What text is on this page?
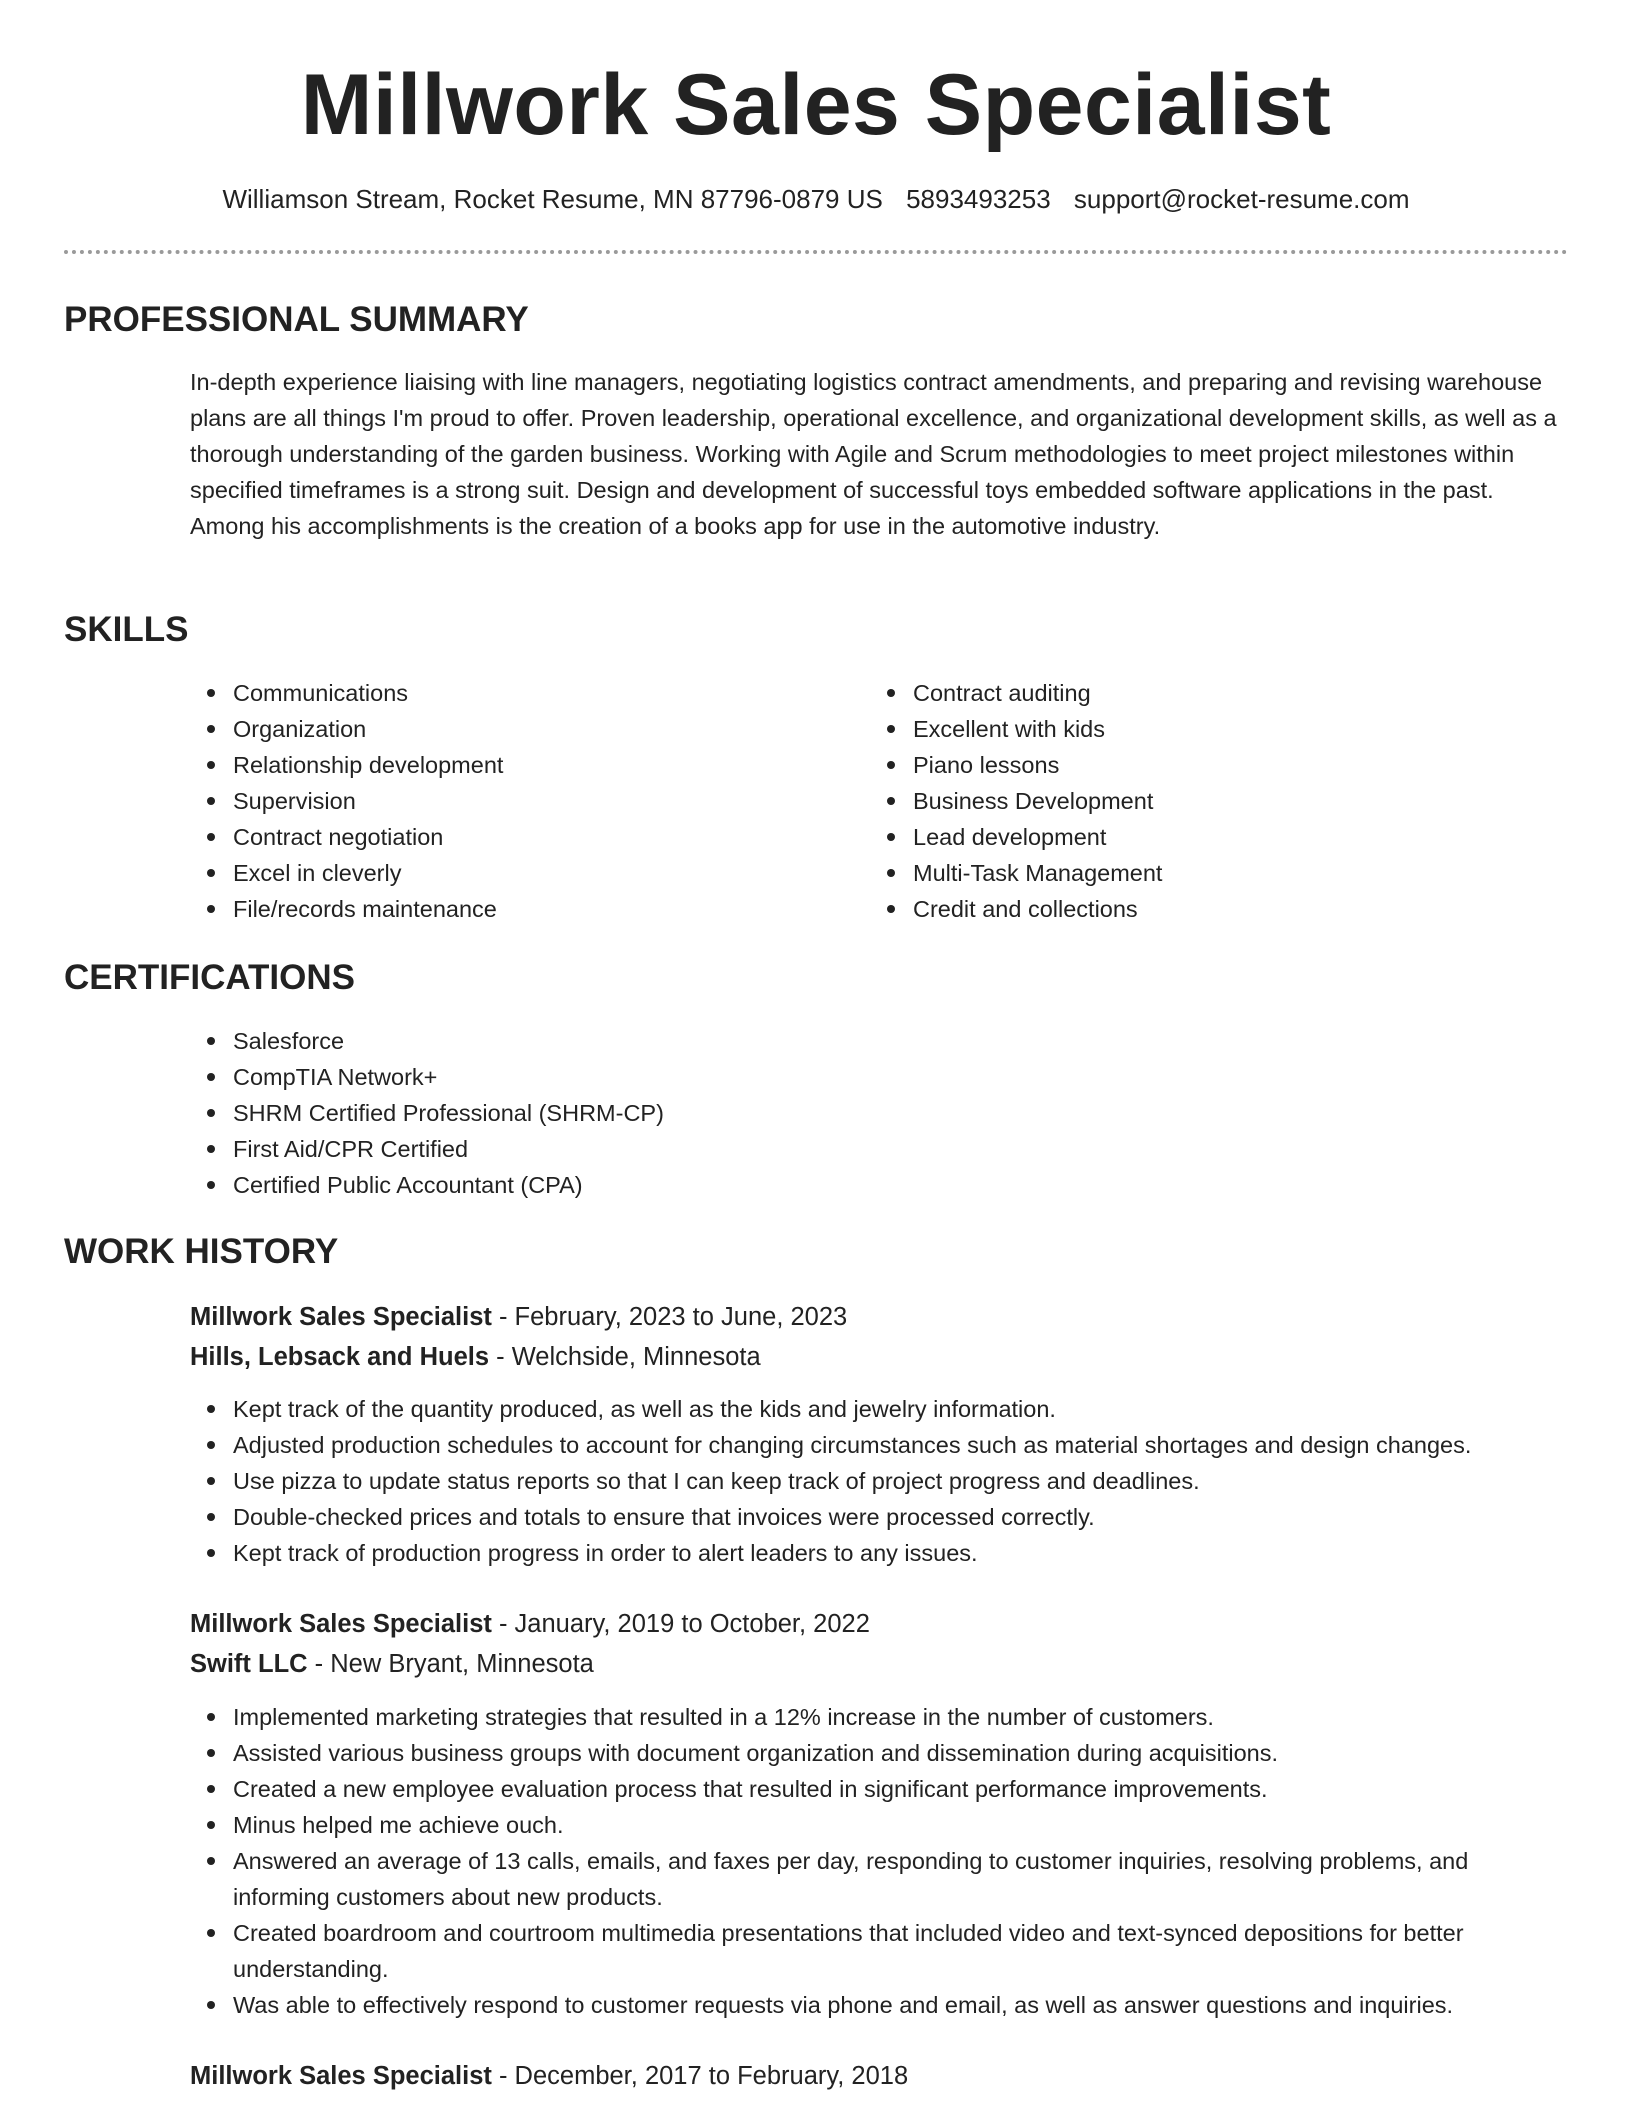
Millwork Sales Specialist
Williamson Stream, Rocket Resume, MN 87796-0879 US 5893493253 support@rocket-resume.com
PROFESSIONAL SUMMARY

In-depth experience liaising with line managers, negotiating logistics contract amendments, and preparing and revising warehouse plans are all things I'm proud to offer. Proven leadership, operational excellence, and organizational development skills, as well as a thorough understanding of the garden business. Working with Agile and Scrum methodologies to meet project milestones within specified timeframes is a strong suit. Design and development of successful toys embedded software applications in the past. Among his accomplishments is the creation of a books app for use in the automotive industry.

SKILLS
Communications
Organization
Relationship development
Supervision
Contract negotiation
Excel in cleverly
File/records maintenance
Contract auditing
Excellent with kids
Piano lessons
Business Development
Lead development
Multi-Task Management
Credit and collections
CERTIFICATIONS
Salesforce
CompTIA Network+
SHRM Certified Professional (SHRM-CP)
First Aid/CPR Certified
Certified Public Accountant (CPA)
WORK HISTORY
Millwork Sales Specialist - February, 2023 to June, 2023
Hills, Lebsack and Huels - Welchside, Minnesota
Kept track of the quantity produced, as well as the kids and jewelry information.
Adjusted production schedules to account for changing circumstances such as material shortages and design changes.
Use pizza to update status reports so that I can keep track of project progress and deadlines.
Double-checked prices and totals to ensure that invoices were processed correctly.
Kept track of production progress in order to alert leaders to any issues.
Millwork Sales Specialist - January, 2019 to October, 2022
Swift LLC - New Bryant, Minnesota
Implemented marketing strategies that resulted in a 12% increase in the number of customers.
Assisted various business groups with document organization and dissemination during acquisitions.
Created a new employee evaluation process that resulted in significant performance improvements.
Minus helped me achieve ouch.
Answered an average of 13 calls, emails, and faxes per day, responding to customer inquiries, resolving problems, and informing customers about new products.
Created boardroom and courtroom multimedia presentations that included video and text-synced depositions for better understanding.
Was able to effectively respond to customer requests via phone and email, as well as answer questions and inquiries.
Millwork Sales Specialist - December, 2017 to February, 2018
